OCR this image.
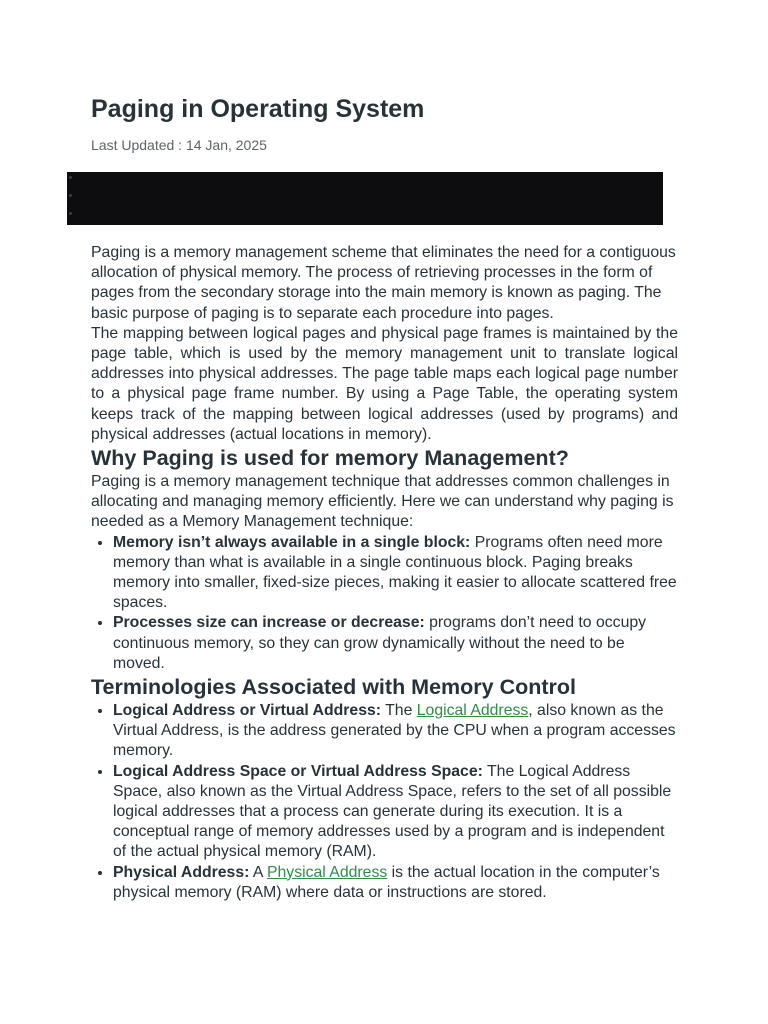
Paging in Operating System

Last Updated : 14 Jan, 2025

Paging is a memory management scheme that eliminates the need for a contiguous allocation of physical memory. The process of retrieving processes in the form of pages from the secondary storage into the main memory is known as paging. The basic purpose of paging is to separate each procedure into pages.

The mapping between logical pages and physical page frames is maintained by the page table, which is used by the memory management unit to translate logical addresses into physical addresses. The page table maps each logical page number to a physical page frame number. By using a Page Table, the operating system keeps track of the mapping between logical addresses (used by programs) and physical addresses (actual locations in memory).

Why Paging is used for memory Management?

Paging is a memory management technique that addresses common challenges in allocating and managing memory efficiently. Here we can understand why paging is needed as a Memory Management technique:

• Memory isn’t always available in a single block: Programs often need more memory than what is available in a single continuous block. Paging breaks memory into smaller, fixed-size pieces, making it easier to allocate scattered free spaces.
• Processes size can increase or decrease: programs don’t need to occupy continuous memory, so they can grow dynamically without the need to be moved.
Terminologies Associated with Memory Control
• Logical Address or Virtual Address: The Logical Address, also known as the Virtual Address, is the address generated by the CPU when a program accesses memory.
• Logical Address Space or Virtual Address Space: The Logical Address Space, also known as the Virtual Address Space, refers to the set of all possible logical addresses that a process can generate during its execution. It is a conceptual range of memory addresses used by a program and is independent of the actual physical memory (RAM).
• Physical Address: A Physical Address is the actual location in the computer’s physical memory (RAM) where data or instructions are stored.
